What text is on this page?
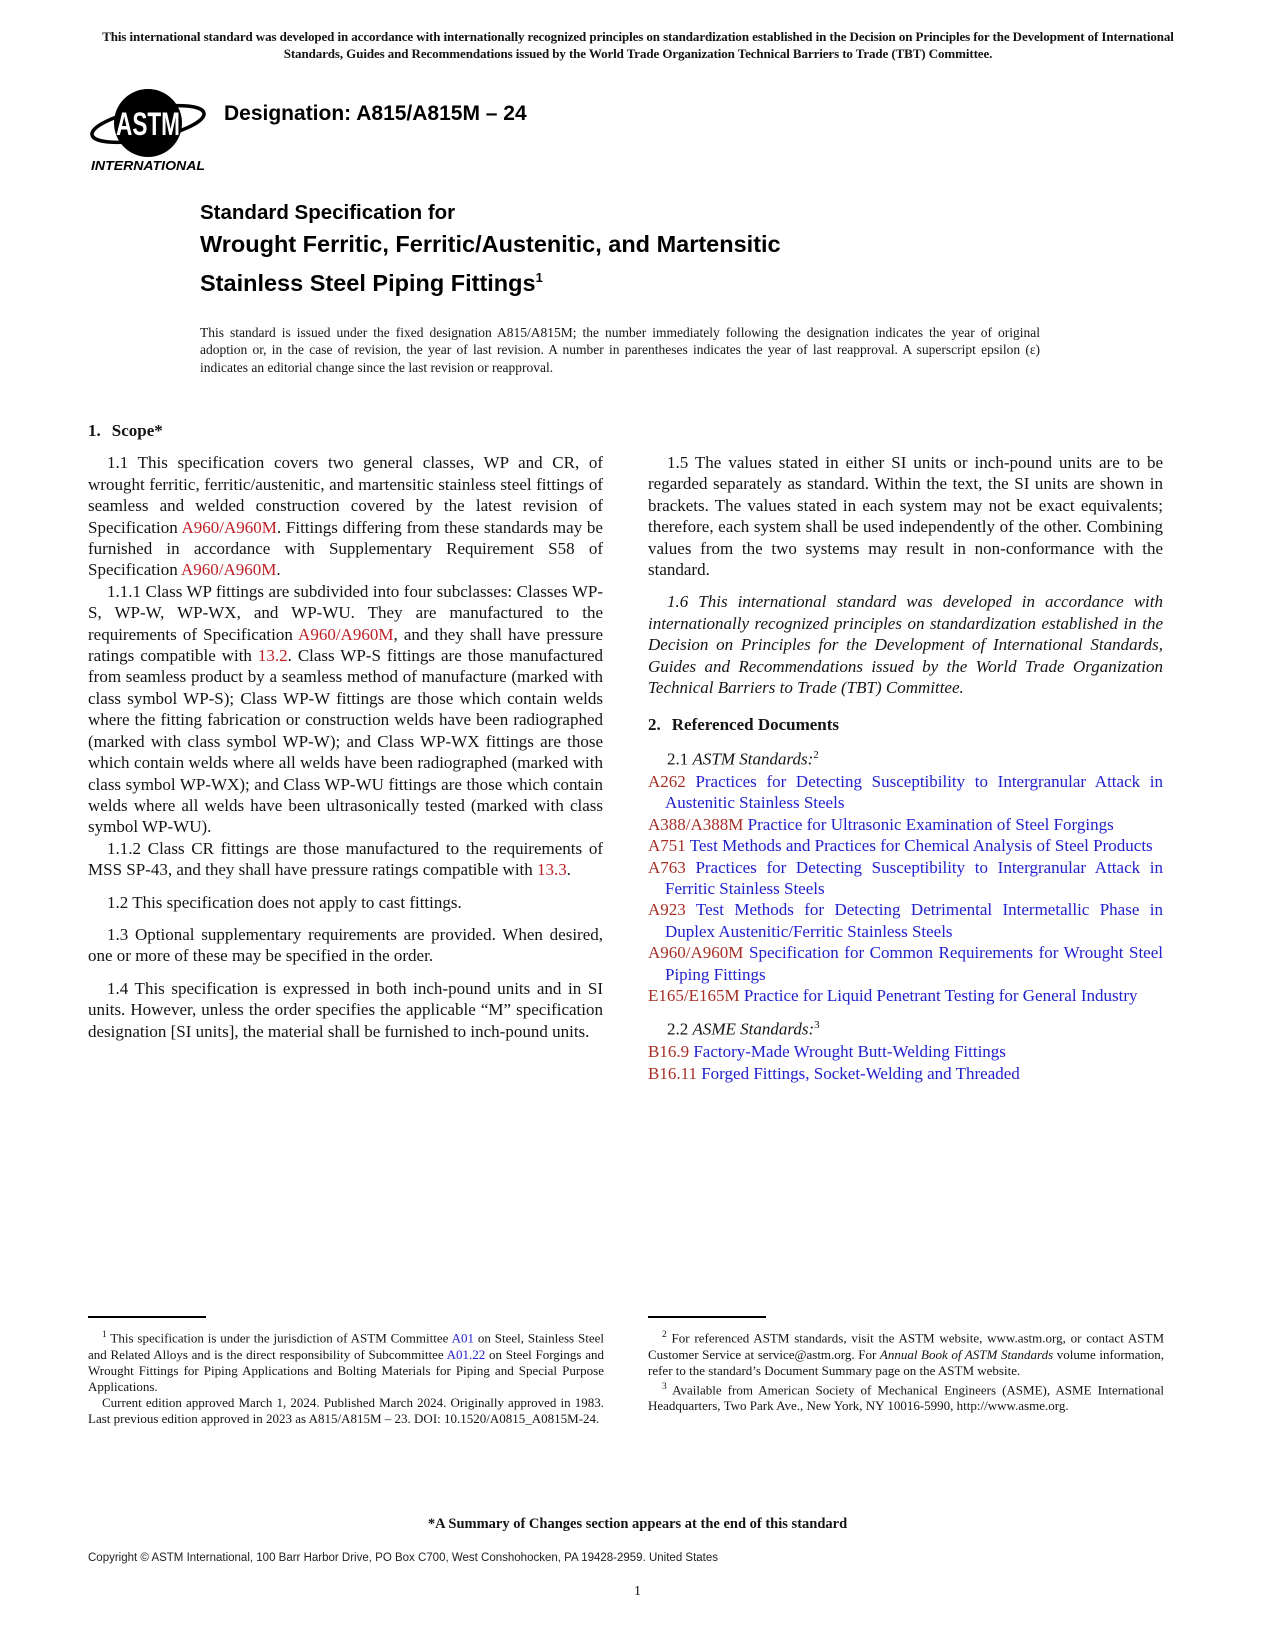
This international standard was developed in accordance with internationally recognized principles on standardization established in the Decision on Principles for the Development of International Standards, Guides and Recommendations issued by the World Trade Organization Technical Barriers to Trade (TBT) Committee.
ASTM
INTERNATIONAL
Designation: A815/A815M – 24
Standard Specification for
Wrought Ferritic, Ferritic/Austenitic, and Martensitic
Stainless Steel Piping Fittings$^1$
This standard is issued under the fixed designation A815/A815M; the number immediately following the designation indicates the year of original adoption or, in the case of revision, the year of last revision. A number in parentheses indicates the year of last reapproval. A superscript epsilon (ε) indicates an editorial change since the last revision or reapproval.
1. Scope*

1.1 This specification covers two general classes, WP and CR, of wrought ferritic, ferritic/austenitic, and martensitic stainless steel fittings of seamless and welded construction covered by the latest revision of Specification A960/A960M. Fittings differing from these standards may be furnished in accordance with Supplementary Requirement S58 of Specification A960/A960M.

1.1.1 Class WP fittings are subdivided into four subclasses: Classes WP-S, WP-W, WP-WX, and WP-WU. They are manufactured to the requirements of Specification A960/A960M, and they shall have pressure ratings compatible with 13.2. Class WP-S fittings are those manufactured from seamless product by a seamless method of manufacture (marked with class symbol WP-S); Class WP-W fittings are those which contain welds where the fitting fabrication or construction welds have been radiographed (marked with class symbol WP-W); and Class WP-WX fittings are those which contain welds where all welds have been radiographed (marked with class symbol WP-WX); and Class WP-WU fittings are those which contain welds where all welds have been ultrasonically tested (marked with class symbol WP-WU).

1.1.2 Class CR fittings are those manufactured to the requirements of MSS SP-43, and they shall have pressure ratings compatible with 13.3.

1.2 This specification does not apply to cast fittings.

1.3 Optional supplementary requirements are provided. When desired, one or more of these may be specified in the order.

1.4 This specification is expressed in both inch-pound units and in SI units. However, unless the order specifies the applicable “M” specification designation [SI units], the material shall be furnished to inch-pound units.

1.5 The values stated in either SI units or inch-pound units are to be regarded separately as standard. Within the text, the SI units are shown in brackets. The values stated in each system may not be exact equivalents; therefore, each system shall be used independently of the other. Combining values from the two systems may result in non-conformance with the standard.

1.6 This international standard was developed in accordance with internationally recognized principles on standardization established in the Decision on Principles for the Development of International Standards, Guides and Recommendations issued by the World Trade Organization Technical Barriers to Trade (TBT) Committee.

2. Referenced Documents

2.1 ASTM Standards:$^2$

A262 Practices for Detecting Susceptibility to Intergranular Attack in Austenitic Stainless Steels

A388/A388M Practice for Ultrasonic Examination of Steel Forgings

A751 Test Methods and Practices for Chemical Analysis of Steel Products

A763 Practices for Detecting Susceptibility to Intergranular Attack in Ferritic Stainless Steels

A923 Test Methods for Detecting Detrimental Intermetallic Phase in Duplex Austenitic/Ferritic Stainless Steels

A960/A960M Specification for Common Requirements for Wrought Steel Piping Fittings

E165/E165M Practice for Liquid Penetrant Testing for General Industry

2.2 ASME Standards:$^3$

B16.9 Factory-Made Wrought Butt-Welding Fittings

B16.11 Forged Fittings, Socket-Welding and Threaded

$^1$ This specification is under the jurisdiction of ASTM Committee A01 on Steel, Stainless Steel and Related Alloys and is the direct responsibility of Subcommittee A01.22 on Steel Forgings and Wrought Fittings for Piping Applications and Bolting Materials for Piping and Special Purpose Applications.

Current edition approved March 1, 2024. Published March 2024. Originally approved in 1983. Last previous edition approved in 2023 as A815/A815M – 23. DOI: 10.1520/A0815_A0815M-24.

$^2$ For referenced ASTM standards, visit the ASTM website, www.astm.org, or contact ASTM Customer Service at service@astm.org. For Annual Book of ASTM Standards volume information, refer to the standard’s Document Summary page on the ASTM website.

$^3$ Available from American Society of Mechanical Engineers (ASME), ASME International Headquarters, Two Park Ave., New York, NY 10016-5990, http://www.asme.org.

*A Summary of Changes section appears at the end of this standard
Copyright © ASTM International, 100 Barr Harbor Drive, PO Box C700, West Conshohocken, PA 19428-2959. United States
1
